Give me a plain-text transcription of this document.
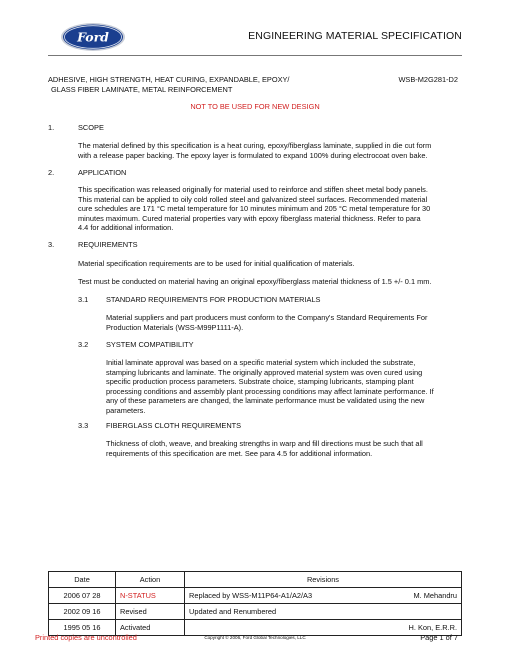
Ford	ENGINEERING MATERIAL SPECIFICATION
ADHESIVE, HIGH STRENGTH, HEAT CURING, EXPANDABLE, EPOXY/
GLASS FIBER LAMINATE, METAL REINFORCEMENT
WSB-M2G281-D2
NOT TO BE USED FOR NEW DESIGN
1.	SCOPE
The material defined by this specification is a heat curing, epoxy/fiberglass laminate, supplied in die cut form
with a release paper backing. The epoxy layer is formulated to expand 100% during electrocoat oven bake.
2.	APPLICATION
This specification was released originally for material used to reinforce and stiffen sheet metal body panels.
This material can be applied to oily cold rolled steel and galvanized steel surfaces. Recommended material
cure schedules are 171 °C metal temperature for 10 minutes minimum and 205 °C metal temperature for 30
minutes maximum. Cured material properties vary with epoxy fiberglass material thickness. Refer to para
4.4 for additional information.
3.	REQUIREMENTS
Material specification requirements are to be used for initial qualification of materials.
Test must be conducted on material having an original epoxy/fiberglass material thickness of 1.5 +/- 0.1 mm.
3.1 STANDARD REQUIREMENTS FOR PRODUCTION MATERIALS
Material suppliers and part producers must conform to the Company's Standard Requirements For
Production Materials (WSS-M99P1111-A).
3.2 SYSTEM COMPATIBILITY
Initial laminate approval was based on a specific material system which included the substrate,
stamping lubricants and laminate. The originally approved material system was oven cured using
specific production process parameters. Substrate choice, stamping lubricants, stamping plant
processing conditions and assembly plant processing conditions may affect laminate performance. If
any of these parameters are changed, the laminate performance must be validated using the new
parameters.
3.3 FIBERGLASS CLOTH REQUIREMENTS
Thickness of cloth, weave, and breaking strengths in warp and fill directions must be such that all
requirements of this specification are met. See para 4.5 for additional information.
Date	Action	Revisions
2006 07 28	N-STATUS	Replaced by WSS-M11P64-A1/A2/A3 M. Mehandru

2002 09 16	Revised	Updated and Renumbered

1995 05 16	Activated	H. Kon, E.R.R.
Printed copies are uncontrolled	Copyright © 2006, Ford Global Technologies, LLC	Page 1 of 7
